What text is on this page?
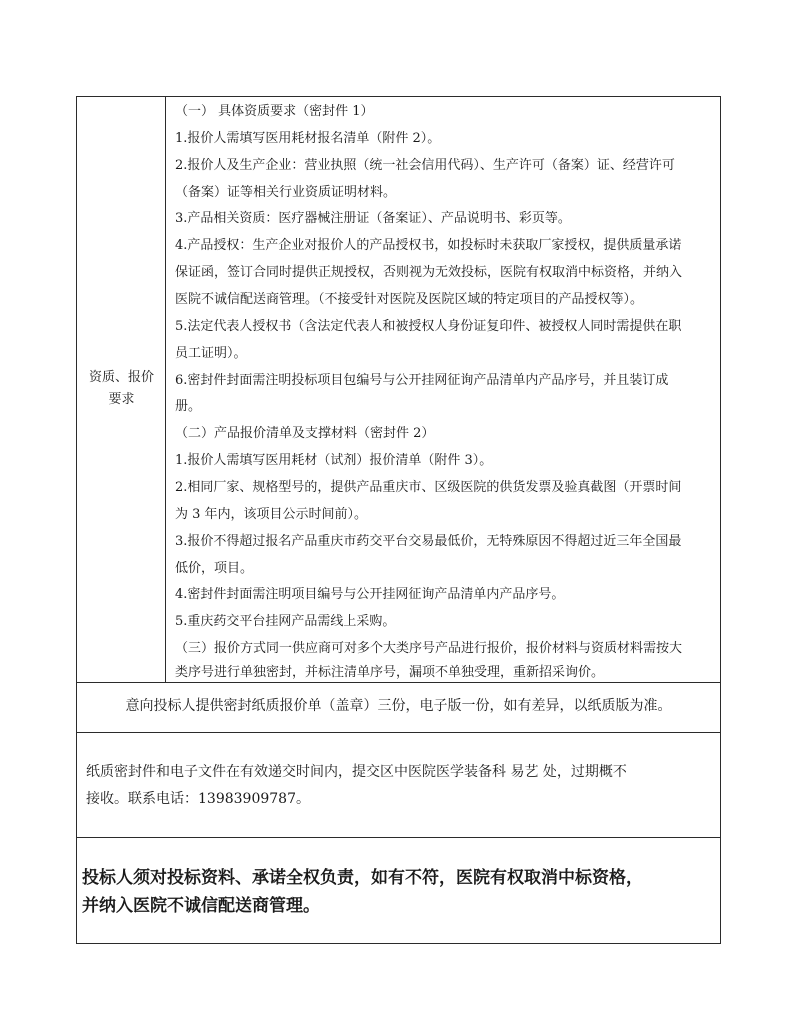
资质、报价
要求
（一） 具体资质要求（密封件 1）
1.报价人需填写医用耗材报名清单（附件 2）。
2.报价人及生产企业：营业执照（统一社会信用代码）、生产许可（备案）证、经营许可
（备案）证等相关行业资质证明材料。
3.产品相关资质：医疗器械注册证（备案证）、产品说明书、彩页等。
4.产品授权：生产企业对报价人的产品授权书，如投标时未获取厂家授权，提供质量承诺
保证函，签订合同时提供正规授权，否则视为无效投标，医院有权取消中标资格，并纳入
医院不诚信配送商管理。（不接受针对医院及医院区域的特定项目的产品授权等）。
5.法定代表人授权书（含法定代表人和被授权人身份证复印件、被授权人同时需提供在职
员工证明）。
6.密封件封面需注明投标项目包编号与公开挂网征询产品清单内产品序号，并且装订成
册。
（二）产品报价清单及支撑材料（密封件 2）
1.报价人需填写医用耗材（试剂）报价清单（附件 3）。
2.相同厂家、规格型号的，提供产品重庆市、区级医院的供货发票及验真截图（开票时间
为 3 年内，该项目公示时间前）。
3.报价不得超过报名产品重庆市药交平台交易最低价，无特殊原因不得超过近三年全国最
低价，项目。
4.密封件封面需注明项目编号与公开挂网征询产品清单内产品序号。
5.重庆药交平台挂网产品需线上采购。
（三）报价方式同一供应商可对多个大类序号产品进行报价，报价材料与资质材料需按大
类序号进行单独密封，并标注清单序号，漏项不单独受理，重新招采询价。
意向投标人提供密封纸质报价单（盖章）三份，电子版一份，如有差异，以纸质版为准。
纸质密封件和电子文件在有效递交时间内，提交区中医院医学装备科 易艺 处，过期概不
接收。联系电话：13983909787。
投标人须对投标资料、承诺全权负责，如有不符，医院有权取消中标资格，
并纳入医院不诚信配送商管理。
